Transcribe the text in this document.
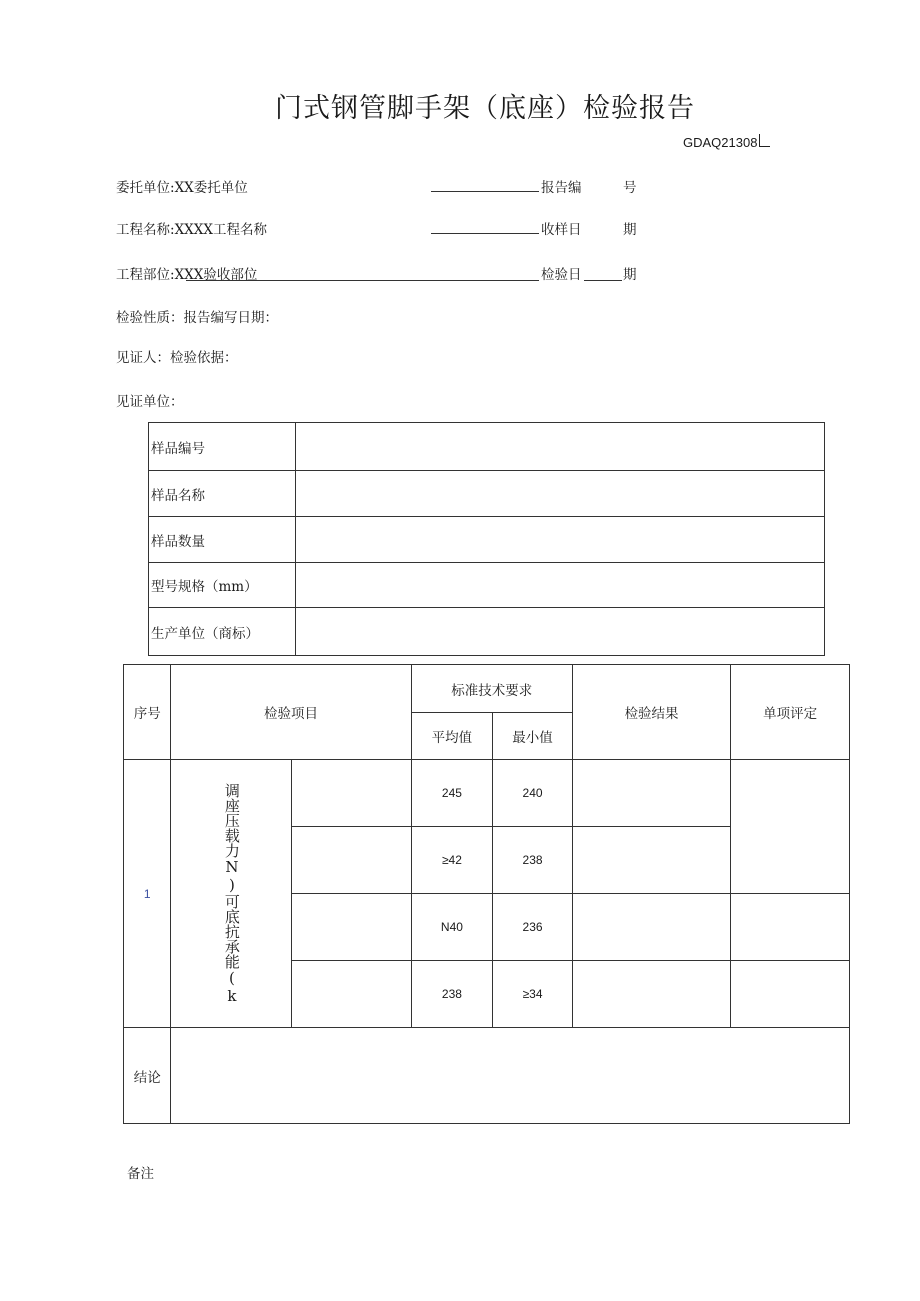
门式钢管脚手架（底座）检验报告
GDAQ21308
委托单位:XX委托单位	报告编	号
工程名称:XXXX工程名称	收样日	期
工程部位:XXX验收部位	检验日	期
检验性质：报告编写日期：
见证人：检验依据：
见证单位：
样品编号	
样品名称	
样品数量	
型号规格（mm）	
生产单位（商标）	
序号	检验项目		标准技术要求		检验结果	单项评定
			平均值	最小值		
1	调座压载力N)可底抗承能(k		245	240		
			≥42	238		
			N40	236		
			238	≥34		
结论						
备注
